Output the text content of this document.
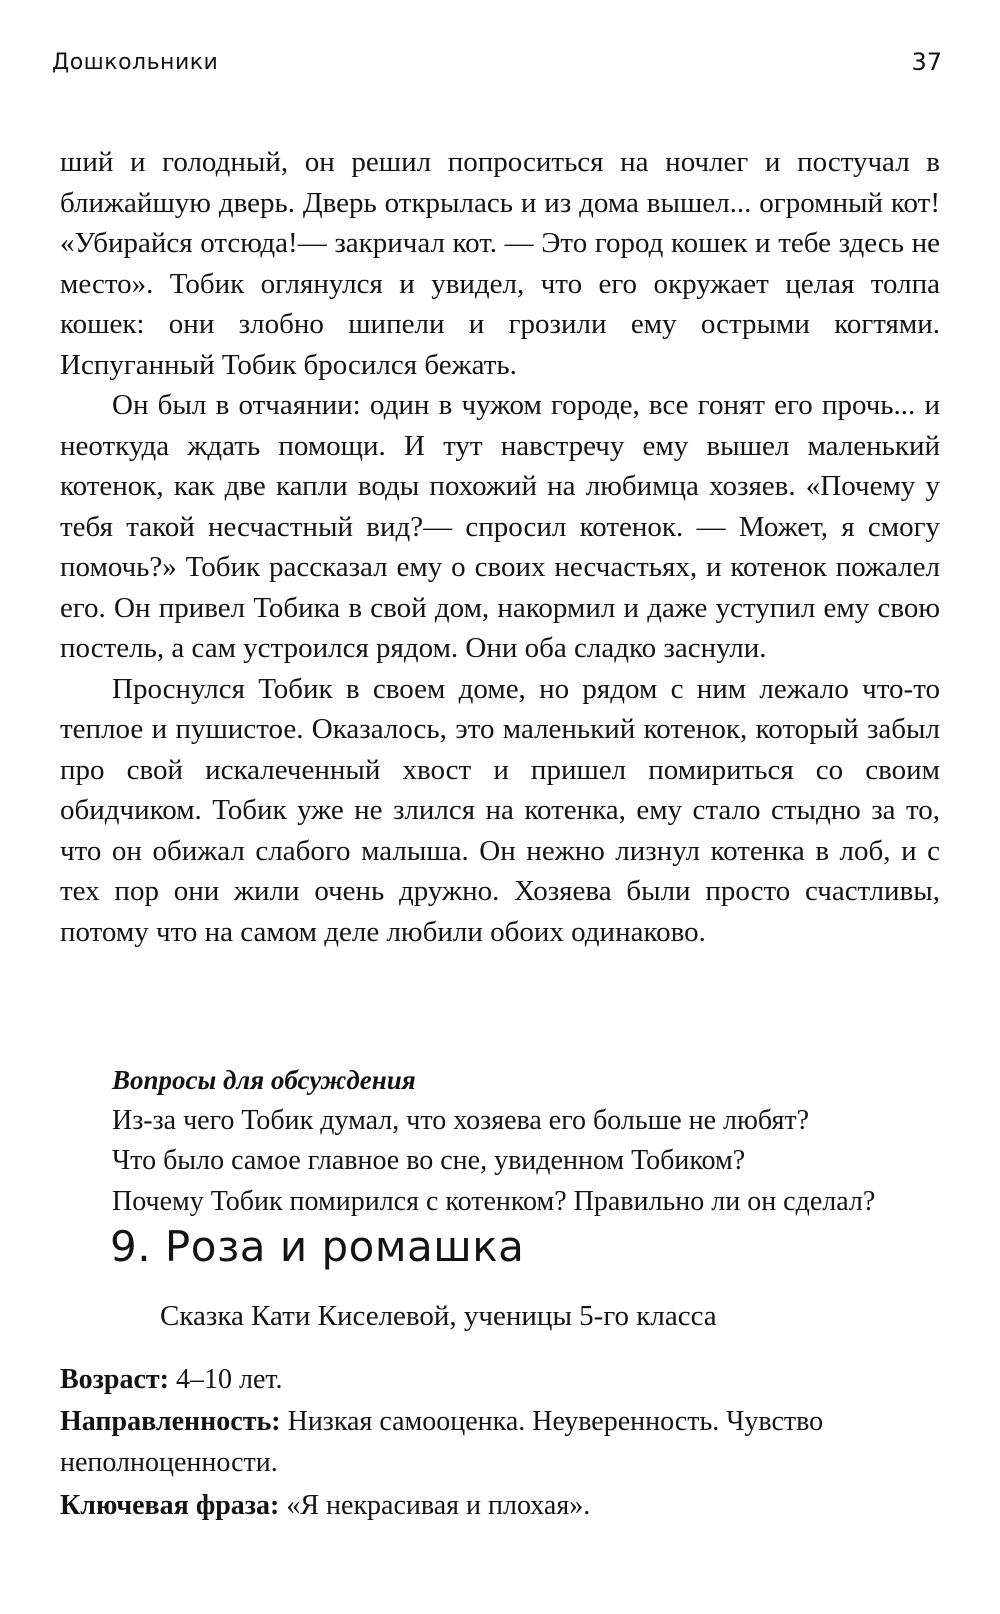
Дошкольники	37

ший и голодный, он решил попроситься на ночлег и постучал в ближайшую дверь. Дверь открылась и из дома вышел... огромный кот! «Убирайся отсюда!— закричал кот. — Это город кошек и тебе здесь не место». Тобик оглянулся и увидел, что его окружает целая толпа кошек: они злобно шипели и грозили ему острыми когтями. Испуганный Тобик бросился бежать.

Он был в отчаянии: один в чужом городе, все гонят его прочь... и неоткуда ждать помощи. И тут навстречу ему вышел маленький котенок, как две капли воды похожий на любимца хозяев. «Почему у тебя такой несчастный вид?— спросил котенок. — Может, я смогу помочь?» Тобик рассказал ему о своих несчастьях, и котенок пожалел его. Он привел Тобика в свой дом, накормил и даже уступил ему свою постель, а сам устроился рядом. Они оба сладко заснули.

Проснулся Тобик в своем доме, но рядом с ним лежало что-то теплое и пушистое. Оказалось, это маленький котенок, который забыл про свой искалеченный хвост и пришел помириться со своим обидчиком. Тобик уже не злился на котенка, ему стало стыдно за то, что он обижал слабого малыша. Он нежно лизнул котенка в лоб, и с тех пор они жили очень дружно. Хозяева были просто счастливы, потому что на самом деле любили обоих одинаково.

Вопросы для обсуждения
Из-за чего Тобик думал, что хозяева его больше не любят?
Что было самое главное во сне, увиденном Тобиком?
Почему Тобик помирился с котенком? Правильно ли он сделал?
9. Роза и ромашка
Сказка Кати Киселевой, ученицы 5-го класса
Возраст: 4–10 лет.
Направленность: Низкая самооценка. Неуверенность. Чувство неполноценности.
Ключевая фраза: «Я некрасивая и плохая».
